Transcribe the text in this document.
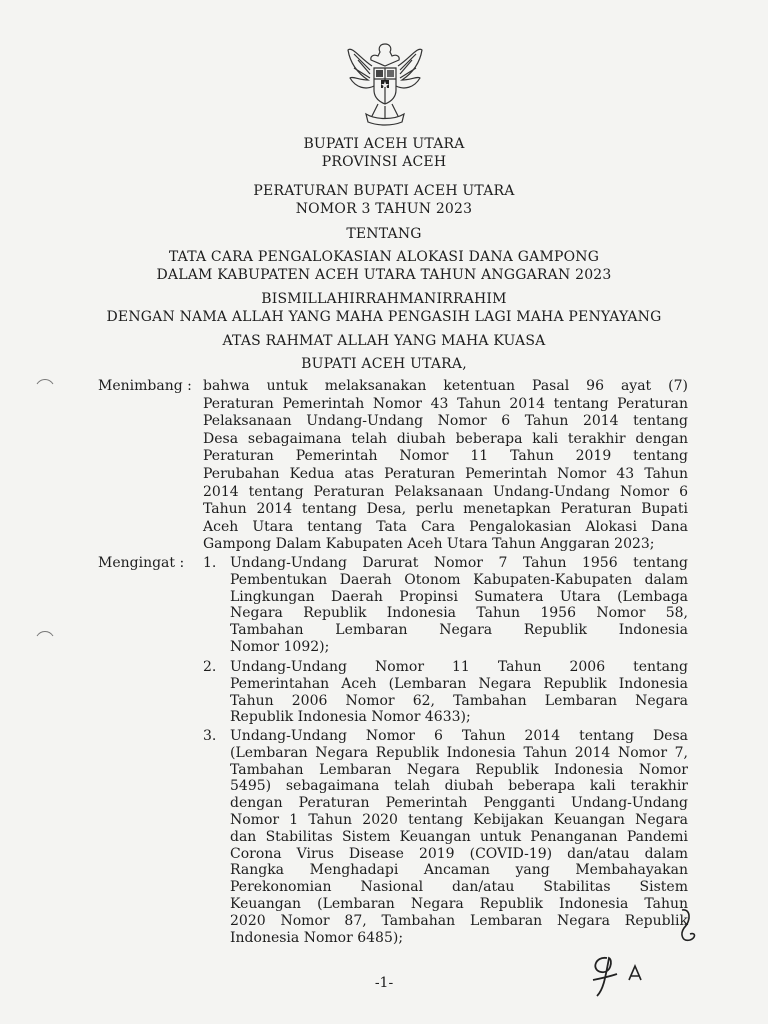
BUPATI ACEH UTARA
PROVINSI ACEH
PERATURAN BUPATI ACEH UTARA
NOMOR 3 TAHUN 2023
TENTANG
TATA CARA PENGALOKASIAN ALOKASI DANA GAMPONG
DALAM KABUPATEN ACEH UTARA TAHUN ANGGARAN 2023
BISMILLAHIRRAHMANIRRAHIM
DENGAN NAMA ALLAH YANG MAHA PENGASIH LAGI MAHA PENYAYANG
ATAS RAHMAT ALLAH YANG MAHA KUASA
BUPATI ACEH UTARA,
Menimbang : bahwa untuk melaksanakan ketentuan Pasal 96 ayat (7)
Peraturan Pemerintah Nomor 43 Tahun 2014 tentang Peraturan
Pelaksanaan Undang-Undang Nomor 6 Tahun 2014 tentang
Desa sebagaimana telah diubah beberapa kali terakhir dengan
Peraturan Pemerintah Nomor 11 Tahun 2019 tentang
Perubahan Kedua atas Peraturan Pemerintah Nomor 43 Tahun
2014 tentang Peraturan Pelaksanaan Undang-Undang Nomor 6
Tahun 2014 tentang Desa, perlu menetapkan Peraturan Bupati
Aceh Utara tentang Tata Cara Pengalokasian Alokasi Dana
Gampong Dalam Kabupaten Aceh Utara Tahun Anggaran 2023;
Mengingat : 1. Undang-Undang Darurat Nomor 7 Tahun 1956 tentang
Pembentukan Daerah Otonom Kabupaten-Kabupaten dalam
Lingkungan Daerah Propinsi Sumatera Utara (Lembaga
Negara Republik Indonesia Tahun 1956 Nomor 58,
Tambahan Lembaran Negara Republik Indonesia
Nomor 1092);
2. Undang-Undang Nomor 11 Tahun 2006 tentang
Pemerintahan Aceh (Lembaran Negara Republik Indonesia
Tahun 2006 Nomor 62, Tambahan Lembaran Negara
Republik Indonesia Nomor 4633);
3. Undang-Undang Nomor 6 Tahun 2014 tentang Desa
(Lembaran Negara Republik Indonesia Tahun 2014 Nomor 7,
Tambahan Lembaran Negara Republik Indonesia Nomor
5495) sebagaimana telah diubah beberapa kali terakhir
dengan Peraturan Pemerintah Pengganti Undang-Undang
Nomor 1 Tahun 2020 tentang Kebijakan Keuangan Negara
dan Stabilitas Sistem Keuangan untuk Penanganan Pandemi
Corona Virus Disease 2019 (COVID-19) dan/atau dalam
Rangka Menghadapi Ancaman yang Membahayakan
Perekonomian Nasional dan/atau Stabilitas Sistem
Keuangan (Lembaran Negara Republik Indonesia Tahun
2020 Nomor 87, Tambahan Lembaran Negara Republik
Indonesia Nomor 6485);
-1-
